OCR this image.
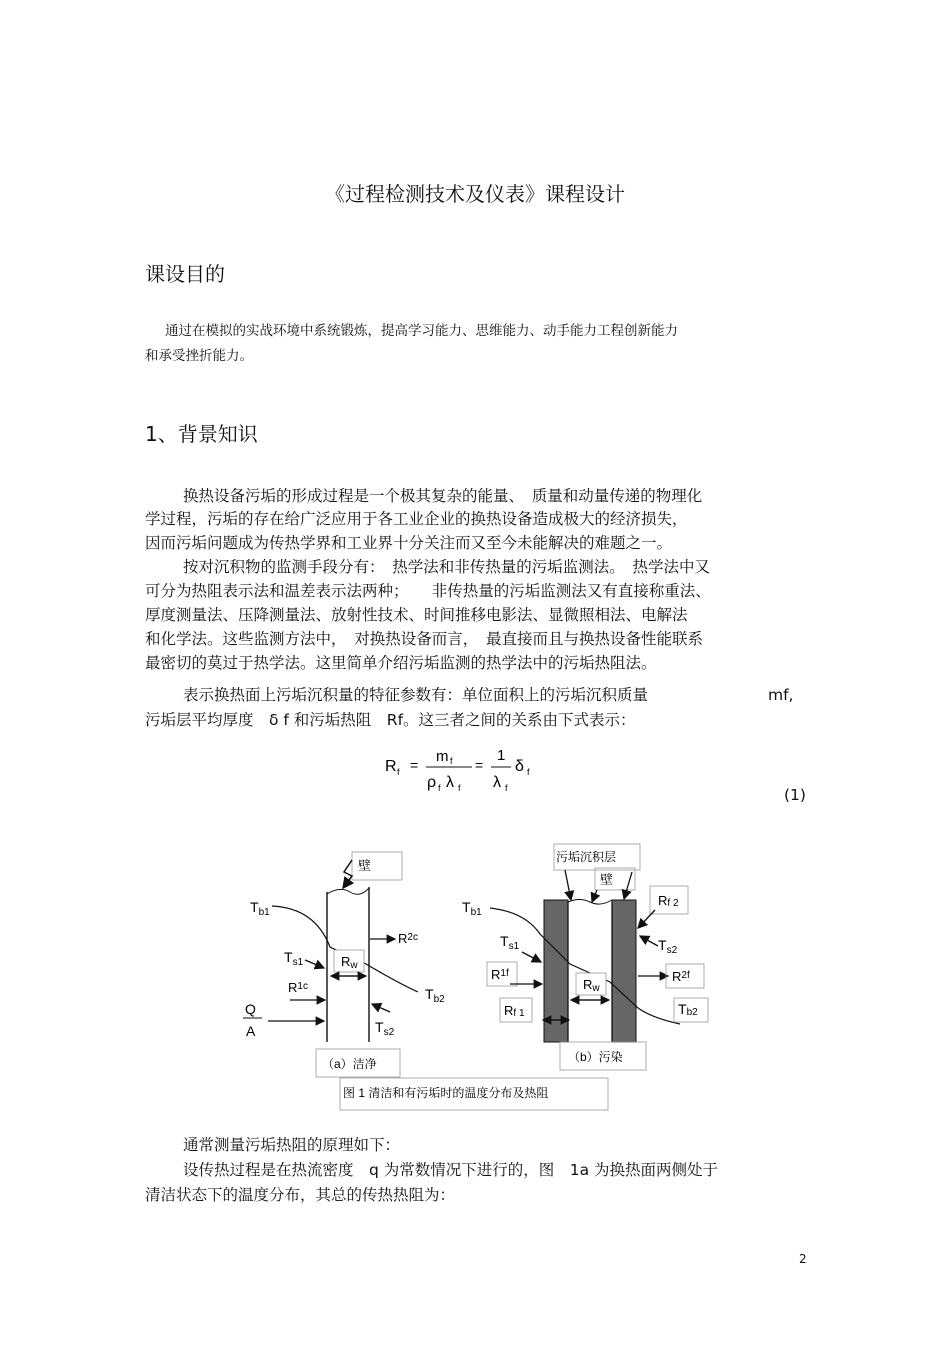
《过程检测技术及仪表》课程设计
课设目的
通过在模拟的实战环境中系统锻炼，提高学习能力、思维能力、动手能力工程创新能力
和承受挫折能力。
1、背景知识
换热设备污垢的形成过程是一个极其复杂的能量、　质量和动量传递的物理化
学过程，污垢的存在给广泛应用于各工业企业的换热设备造成极大的经济损失，
因而污垢问题成为传热学界和工业界十分关注而又至今未能解决的难题之一。
按对沉积物的监测手段分有：　热学法和非传热量的污垢监测法。　热学法中又
可分为热阻表示法和温差表示法两种；　　非传热量的污垢监测法又有直接称重法、
厚度测量法、压降测量法、放射性技术、时间推移电影法、显微照相法、电解法
和化学法。这些监测方法中，　对换热设备而言，　最直接而且与换热设备性能联系
最密切的莫过于热学法。这里简单介绍污垢监测的热学法中的污垢热阻法。
表示换热面上污垢沉积量的特征参数有：单位面积上的污垢沉积质量	mf,
污垢层平均厚度　δ f 和污垢热阻　Rf。这三者之间的关系由下式表示：
R f = m f
ρ f λ f
=
1
λ f
δ f
(1)
壁
$T_{b1}$
$T_{s1}$	Rw
$R^{1c}$
$R^{2c}$
$T_{b2}$
$T_{s2}$
Q
A
（a）洁净
污垢沉积层
壁
$T_{b1}$
$T_{s1}$
$R^{1f}$
Rw
Rf 1
Rf 2
$T_{s2}$
$R^{2f}$
Tb2
（b）污染
图 1 清洁和有污垢时的温度分布及热阻
通常测量污垢热阻的原理如下：
设传热过程是在热流密度　q 为常数情况下进行的，图　1a 为换热面两侧处于
清洁状态下的温度分布，其总的传热热阻为：
2
